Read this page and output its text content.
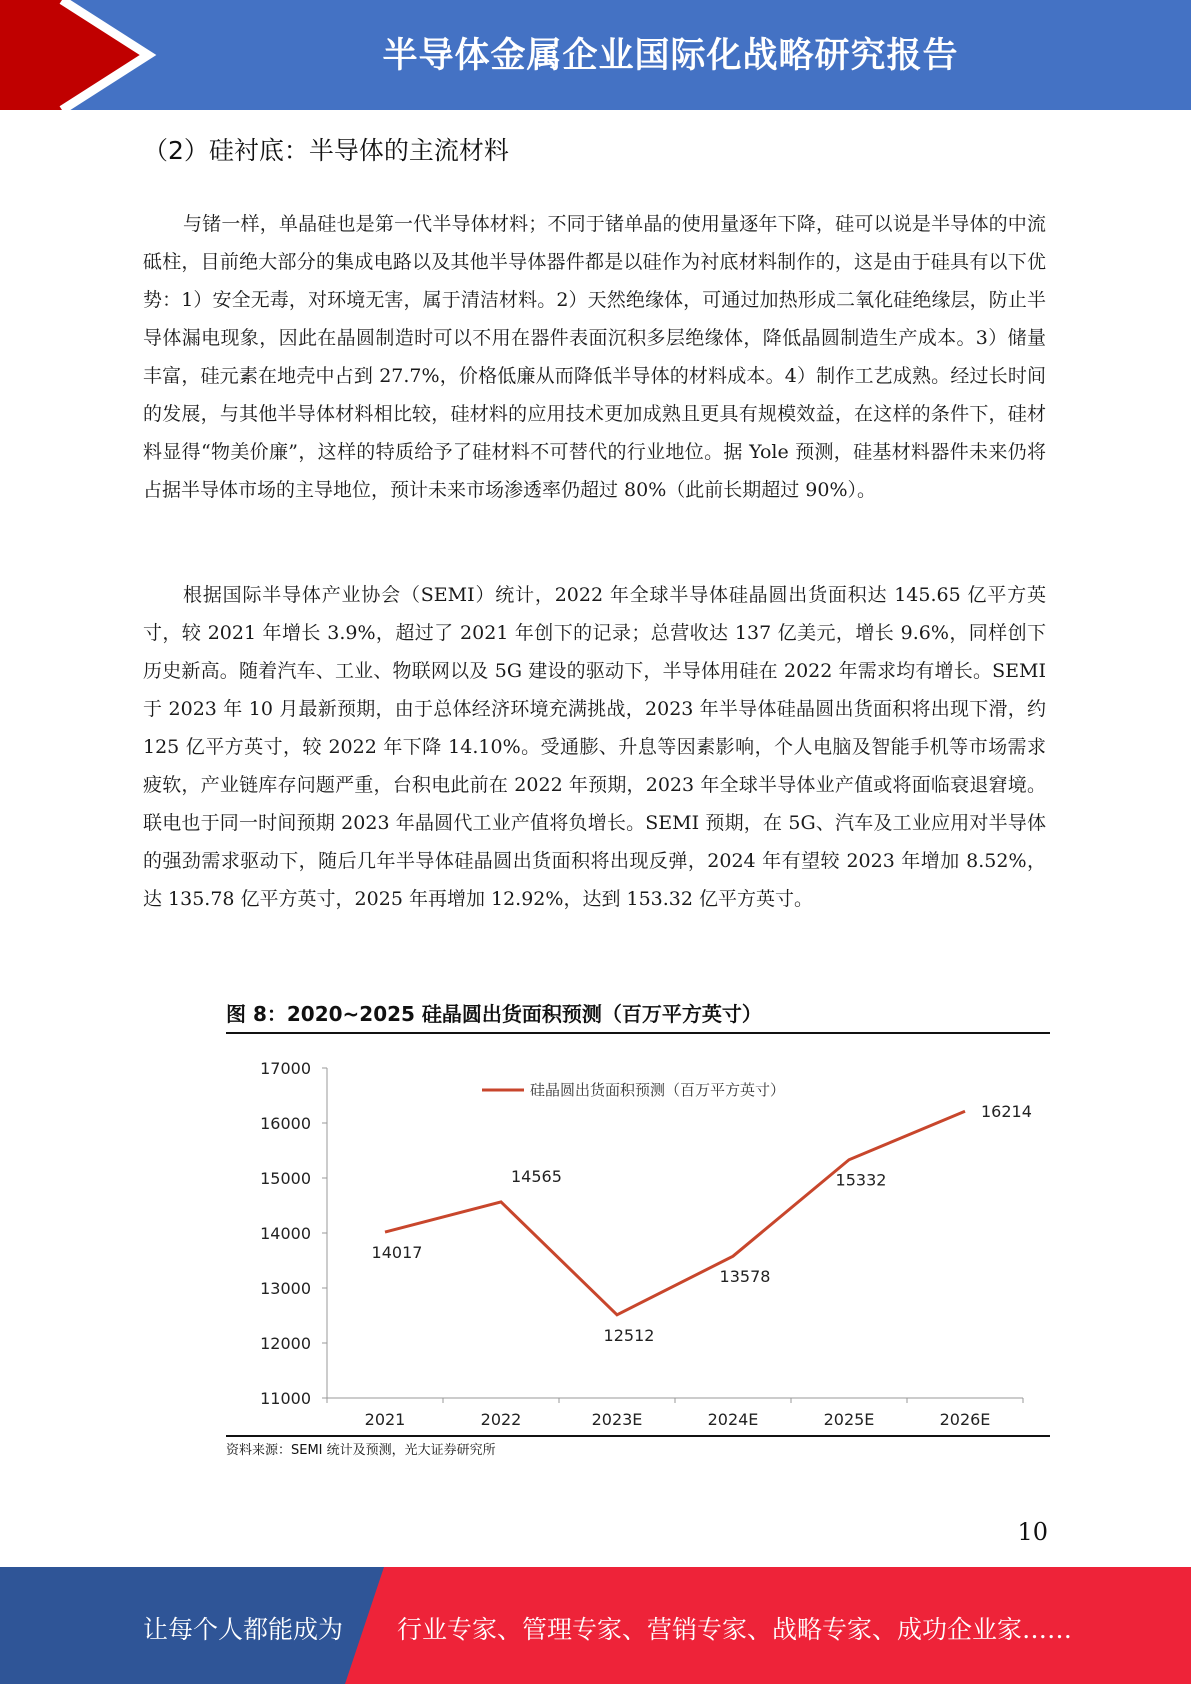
半导体金属企业国际化战略研究报告
（2）硅衬底：半导体的主流材料

与锗一样，单晶硅也是第一代半导体材料；不同于锗单晶的使用量逐年下降，硅可以说是半导体的中流砥柱，目前绝大部分的集成电路以及其他半导体器件都是以硅作为衬底材料制作的，这是由于硅具有以下优势：1）安全无毒，对环境无害，属于清洁材料。2）天然绝缘体，可通过加热形成二氧化硅绝缘层，防止半导体漏电现象，因此在晶圆制造时可以不用在器件表面沉积多层绝缘体，降低晶圆制造生产成本。3）储量丰富，硅元素在地壳中占到 27.7%，价格低廉从而降低半导体的材料成本。4）制作工艺成熟。经过长时间的发展，与其他半导体材料相比较，硅材料的应用技术更加成熟且更具有规模效益，在这样的条件下，硅材料显得“物美价廉”，这样的特质给予了硅材料不可替代的行业地位。据 Yole 预测，硅基材料器件未来仍将占据半导体市场的主导地位，预计未来市场渗透率仍超过 80%（此前长期超过 90%）。

根据国际半导体产业协会（SEMI）统计，2022 年全球半导体硅晶圆出货面积达 145.65 亿平方英寸，较 2021 年增长 3.9%，超过了 2021 年创下的记录；总营收达 137 亿美元，增长 9.6%，同样创下历史新高。随着汽车、工业、物联网以及 5G 建设的驱动下，半导体用硅在 2022 年需求均有增长。SEMI 于 2023 年 10 月最新预期，由于总体经济环境充满挑战，2023 年半导体硅晶圆出货面积将出现下滑，约 125 亿平方英寸，较 2022 年下降 14.10%。受通膨、升息等因素影响，个人电脑及智能手机等市场需求疲软，产业链库存问题严重，台积电此前在 2022 年预期，2023 年全球半导体业产值或将面临衰退窘境。联电也于同一时间预期 2023 年晶圆代工业产值将负增长。SEMI 预期，在 5G、汽车及工业应用对半导体的强劲需求驱动下，随后几年半导体硅晶圆出货面积将出现反弹，2024 年有望较 2023 年增加 8.52%，达 135.78 亿平方英寸，2025 年再增加 12.92%，达到 153.32 亿平方英寸。

图 8：2020~2025 硅晶圆出货面积预测（百万平方英寸）
11000
12000
13000
14000
15000
16000
17000
2021	2022	2023E	2024E	2025E	2026E
硅晶圆出货面积预测（百万平方英寸）
14017
14565
12512
13578
15332
16214
资料来源：SEMI 统计及预测，光大证券研究所
10
让每个人都能成为 行业专家、管理专家、营销专家、战略专家、成功企业家……
